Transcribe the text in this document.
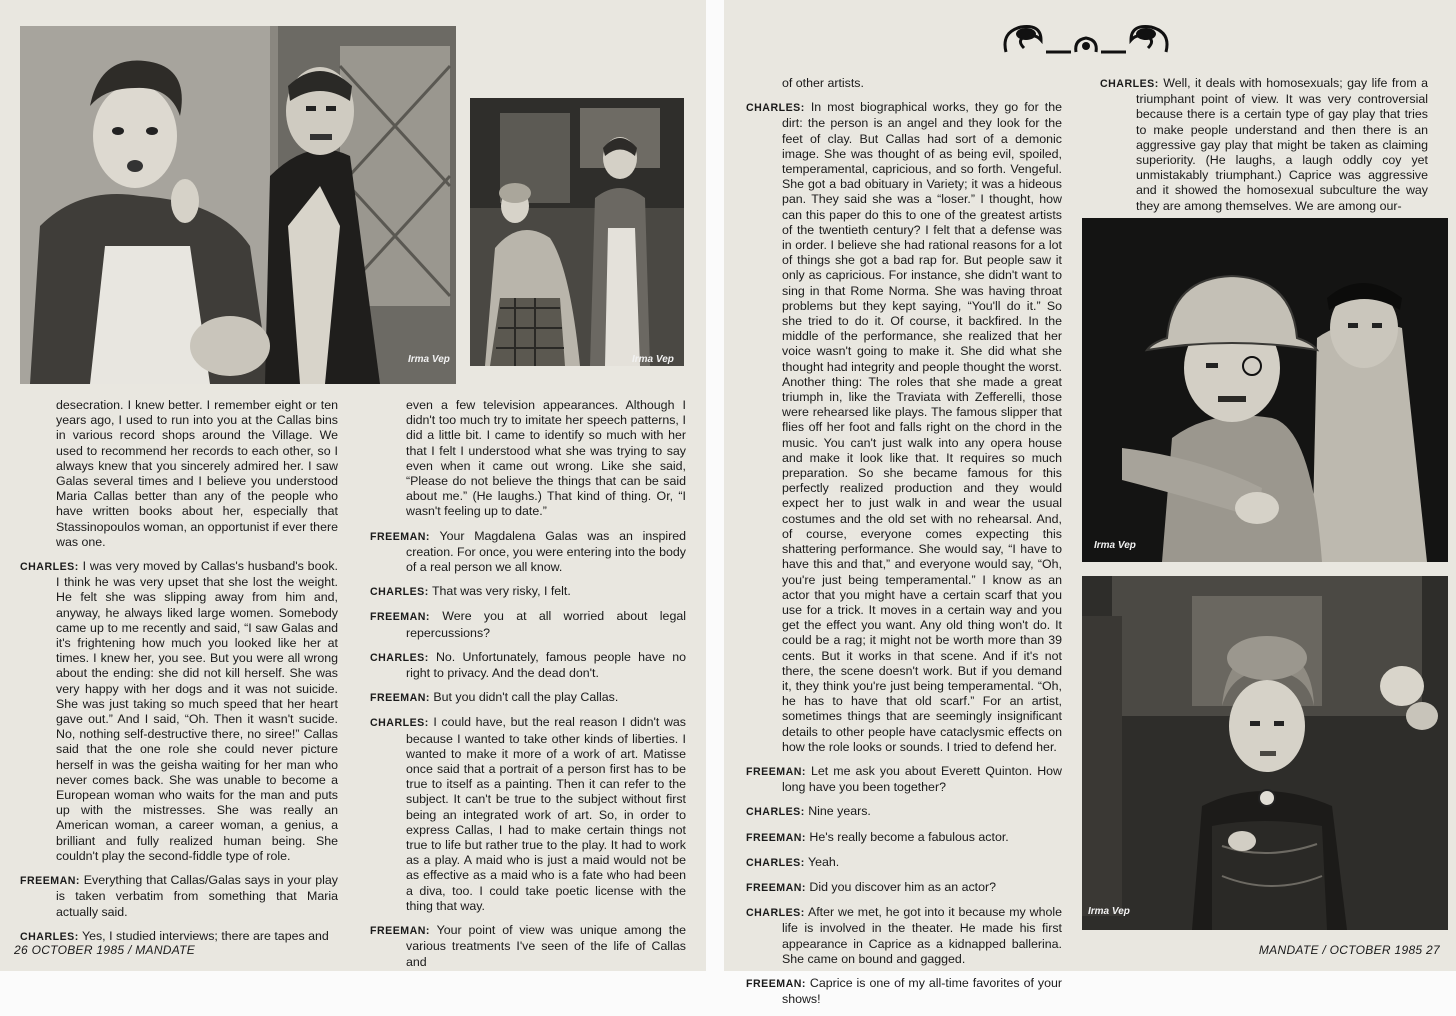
Irma Vep	Irma Vep

desecration. I knew better. I remember eight or ten years ago, I used to run into you at the Callas bins in various record shops around the Village. We used to recommend her records to each other, so I always knew that you sincerely admired her. I saw Galas several times and I believe you understood Maria Callas better than any of the people who have written books about her, especially that Stassinopoulos woman, an opportunist if ever there was one.

CHARLES : I was very moved by Callas's husband's book. I think he was very upset that she lost the weight. He felt she was slipping away from him and, anyway, he always liked large women. Somebody came up to me recently and said, “I saw Galas and it's frightening how much you looked like her at times. I knew her, you see. But you were all wrong about the ending: she did not kill herself. She was very happy with her dogs and it was not suicide. She was just taking so much speed that her heart gave out.” And I said, “Oh. Then it wasn't sucide. No, nothing self-destructive there, no siree!” Callas said that the one role she could never picture herself in was the geisha waiting for her man who never comes back. She was unable to become a European woman who waits for the man and puts up with the mistresses. She was really an American woman, a career woman, a genius, a brilliant and fully realized human being. She couldn't play the second-fiddle type of role.

FREEMAN : Everything that Callas/Galas says in your play is taken verbatim from something that Maria actually said.

CHARLES : Yes, I studied interviews; there are tapes and

even a few television appearances. Although I didn't too much try to imitate her speech patterns, I did a little bit. I came to identify so much with her that I felt I understood what she was trying to say even when it came out wrong. Like she said, “Please do not believe the things that can be said about me.” (He laughs.) That kind of thing. Or, “I wasn't feeling up to date.”

FREEMAN : Your Magdalena Galas was an inspired creation. For once, you were entering into the body of a real person we all know.

CHARLES : That was very risky, I felt.

FREEMAN : Were you at all worried about legal repercussions?

CHARLES : No. Unfortunately, famous people have no right to privacy. And the dead don't.

FREEMAN : But you didn't call the play Callas.

CHARLES : I could have, but the real reason I didn't was because I wanted to take other kinds of liberties. I wanted to make it more of a work of art. Matisse once said that a portrait of a person first has to be true to itself as a painting. Then it can refer to the subject. It can't be true to the subject without first being an integrated work of art. So, in order to express Callas, I had to make certain things not true to life but rather true to the play. It had to work as a play. A maid who is just a maid would not be as effective as a maid who is a fate who had been a diva, too. I could take poetic license with the thing that way.

FREEMAN : Your point of view was unique among the various treatments I've seen of the life of Callas and

26 OCTOBER 1985 / MANDATE

of other artists.

CHARLES : In most biographical works, they go for the dirt: the person is an angel and they look for the feet of clay. But Callas had sort of a demonic image. She was thought of as being evil, spoiled, temperamental, capricious, and so forth. Vengeful. She got a bad obituary in Variety; it was a hideous pan. They said she was a “loser.” I thought, how can this paper do this to one of the greatest artists of the twentieth century? I felt that a defense was in order. I believe she had rational reasons for a lot of things she got a bad rap for. But people saw it only as capricious. For instance, she didn't want to sing in that Rome Norma. She was having throat problems but they kept saying, “You'll do it.” So she tried to do it. Of course, it backfired. In the middle of the performance, she realized that her voice wasn't going to make it. She did what she thought had integrity and people thought the worst. Another thing: The roles that she made a great triumph in, like the Traviata with Zefferelli, those were rehearsed like plays. The famous slipper that flies off her foot and falls right on the chord in the music. You can't just walk into any opera house and make it look like that. It requires so much preparation. So she became famous for this perfectly realized production and they would expect her to just walk in and wear the usual costumes and the old set with no rehearsal. And, of course, everyone comes expecting this shattering performance. She would say, “I have to have this and that,” and everyone would say, “Oh, you're just being temperamental.” I know as an actor that you might have a certain scarf that you use for a trick. It moves in a certain way and you get the effect you want. Any old thing won't do. It could be a rag; it might not be worth more than 39 cents. But it works in that scene. And if it's not there, the scene doesn't work. But if you demand it, they think you're just being temperamental. “Oh, he has to have that old scarf.” For an artist, sometimes things that are seemingly insignificant details to other people have cataclysmic effects on how the role looks or sounds. I tried to defend her.

FREEMAN : Let me ask you about Everett Quinton. How long have you been together?

CHARLES : Nine years.

FREEMAN : He's really become a fabulous actor.

CHARLES : Yeah.

FREEMAN : Did you discover him as an actor?

CHARLES : After we met, he got into it because my whole life is involved in the theater. He made his first appearance in Caprice as a kidnapped ballerina. She came on bound and gagged.

FREEMAN : Caprice is one of my all-time favorites of your shows!

CHARLES : Well, it deals with homosexuals; gay life from a triumphant point of view. It was very controversial because there is a certain type of gay play that tries to make people understand and then there is an aggressive gay play that might be taken as claiming superiority. (He laughs, a laugh oddly coy yet unmistakably triumphant.) Caprice was aggressive and it showed the homosexual subculture the way they are among themselves. We are among our-

Irma Vep
Irma Vep
MANDATE / OCTOBER 1985 27
